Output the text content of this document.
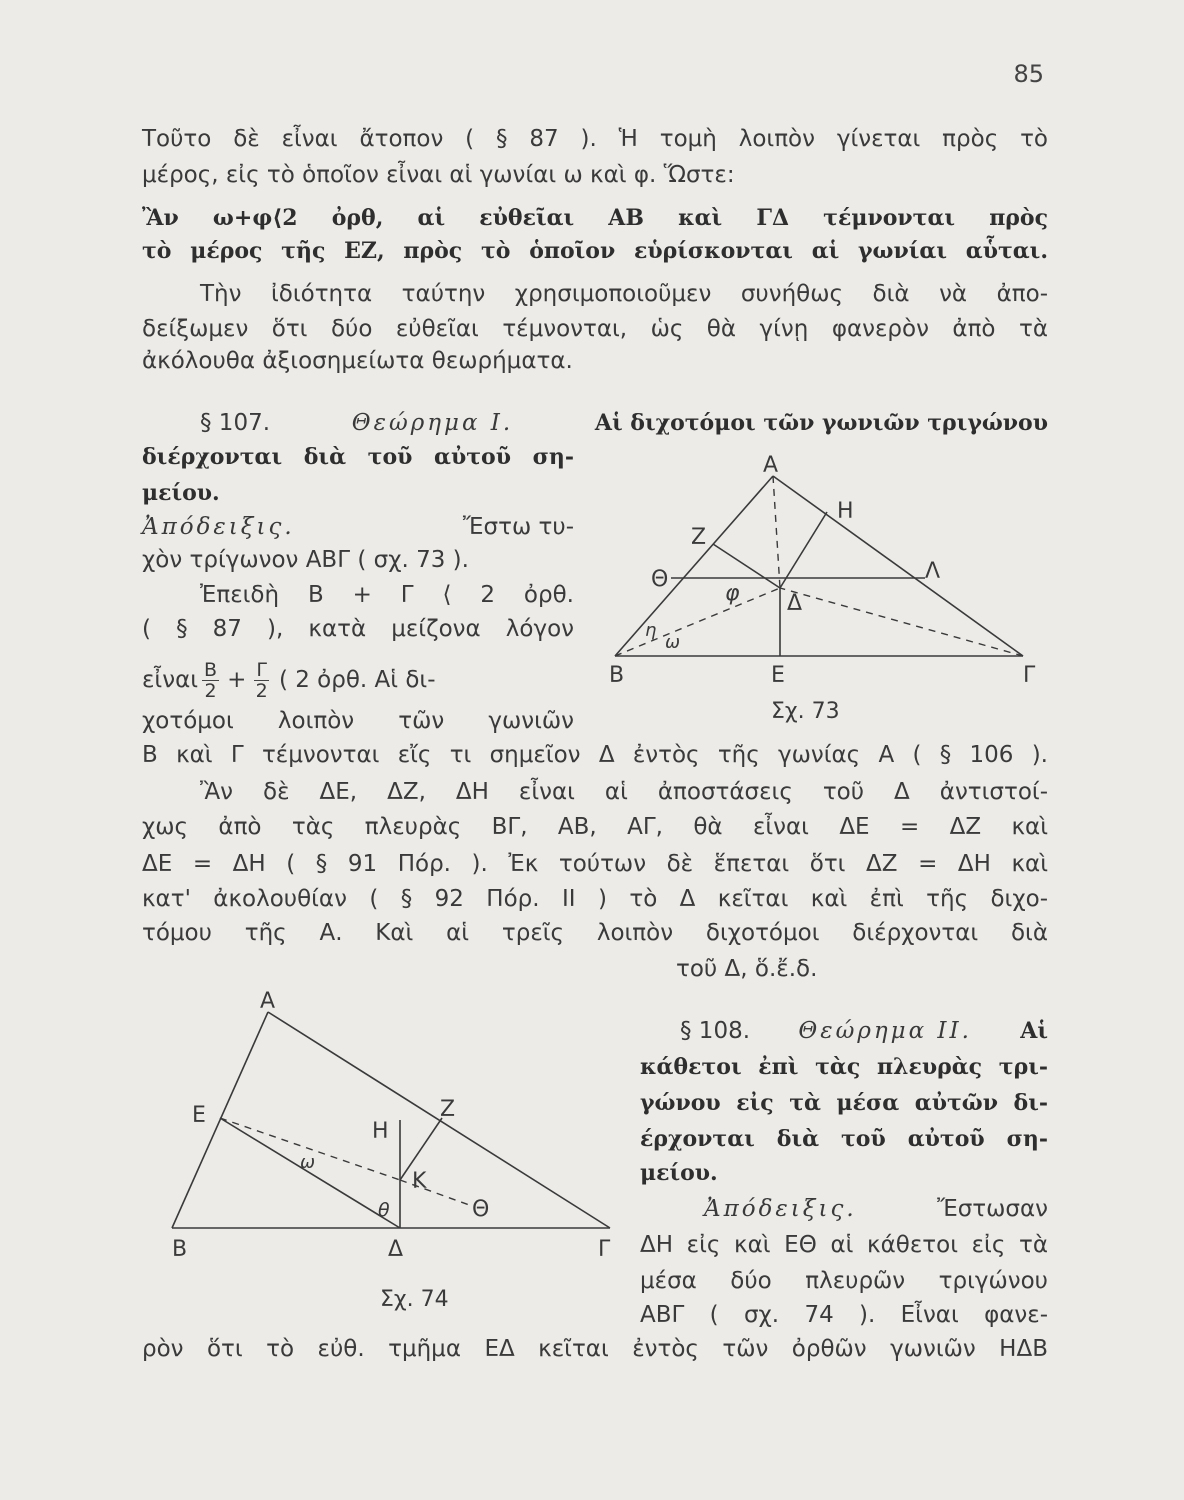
85
Τοῦτο δὲ εἶναι ἄτοπον ( § 87 ). Ἡ τομὴ λοιπὸν γίνεται πρὸς τὸ
μέρος, εἰς τὸ ὁποῖον εἶναι αἱ γωνίαι ω καὶ φ. Ὥστε:
Ἂν ω+φ⟨2 ὀρθ, αἱ εὐθεῖαι ΑΒ καὶ ΓΔ τέμνονται πρὸς
τὸ μέρος τῆς ΕΖ, πρὸς τὸ ὁποῖον εὑρίσκονται αἱ γωνίαι αὗται.
Τὴν ἰδιότητα ταύτην χρησιμοποιοῦμεν συνήθως διὰ νὰ ἀπο-
δείξωμεν ὅτι δύο εὐθεῖαι τέμνονται, ὡς θὰ γίνῃ φανερὸν ἀπὸ τὰ
ἀκόλουθα ἀξιοσημείωτα θεωρήματα.
§ 107.	Θεώρημα Ι.	Αἱ διχοτόμοι τῶν γωνιῶν τριγώνου
διέρχονται διὰ τοῦ αὐτοῦ ση-
μείου.
Ἀπόδειξις.	Ἔστω τυ-
χὸν τρίγωνον ΑΒΓ ( σχ. 73 ).
Ἐπειδὴ Β + Γ ⟨ 2 ὀρθ.
( § 87 ), κατὰ μείζονα λόγον
εἶναι $\frac{B}{2} + \frac{\Gamma}{2}$ ( 2 ὀρθ. Αἱ δι-
χοτόμοι λοιπὸν τῶν γωνιῶν
Β καὶ Γ τέμνονται εἴς τι σημεῖον Δ ἐντὸς τῆς γωνίας Α ( § 106 ).
Ἂν δὲ ΔΕ, ΔΖ, ΔΗ εἶναι αἱ ἀποστάσεις τοῦ Δ ἀντιστοί-
χως ἀπὸ τὰς πλευρὰς ΒΓ, ΑΒ, ΑΓ, θὰ εἶναι ΔΕ = ΔΖ καὶ
ΔΕ = ΔΗ ( § 91 Πόρ. ). Ἐκ τούτων δὲ ἕπεται ὅτι ΔΖ = ΔΗ καὶ
κατ' ἀκολουθίαν ( § 92 Πόρ. ΙΙ ) τὸ Δ κεῖται καὶ ἐπὶ τῆς διχο-
τόμου τῆς Α. Καὶ αἱ τρεῖς λοιπὸν διχοτόμοι διέρχονται διὰ
τοῦ Δ, ὅ.ἔ.δ.
§ 108. Θεώρημα ΙΙ. Αἱ
κάθετοι ἐπὶ τὰς πλευρὰς τρι-
γώνου εἰς τὰ μέσα αὐτῶν δι-
έρχονται διὰ τοῦ αὐτοῦ ση-
μείου.
Ἀπόδειξις.	Ἔστωσαν
ΔΗ εἰς καὶ ΕΘ αἱ κάθετοι εἰς τὰ
μέσα δύο πλευρῶν τριγώνου
ΑΒΓ ( σχ. 74 ). Εἶναι φανε-
ρὸν ὅτι τὸ εὐθ. τμῆμα ΕΔ κεῖται ἐντὸς τῶν ὀρθῶν γωνιῶν ΗΔΒ
Α
Β	Γ
Ζ
Η
Θ	Λ
Ε
Δ
φ
ω
η
Σχ. 73
Α
Β	Γ
Ε	Ζ
Η
Κ
Θ
θ
Δ
ω
Σχ. 74
